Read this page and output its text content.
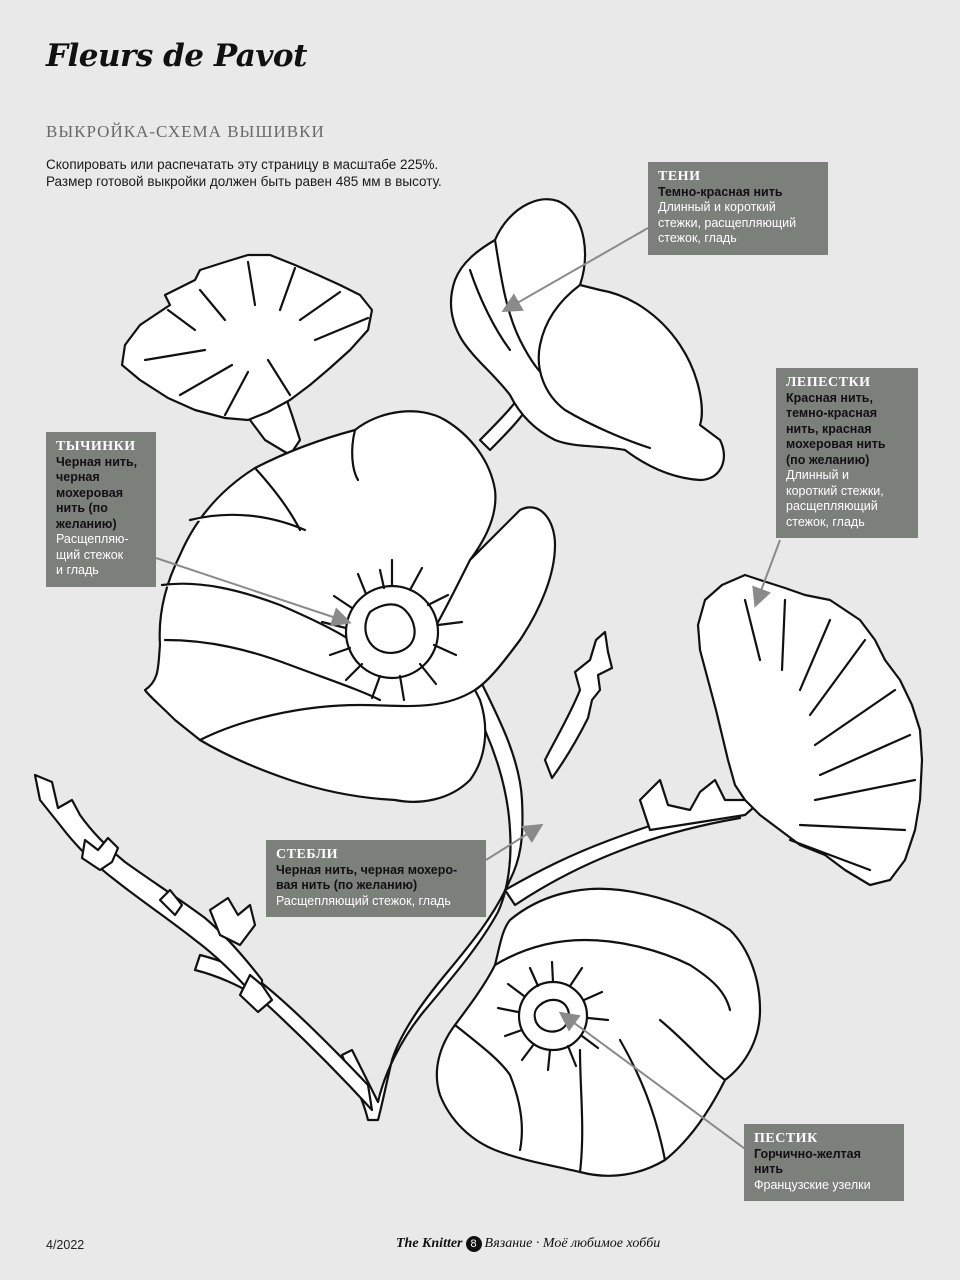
Fleurs de Pavot
ВЫКРОЙКА-СХЕМА ВЫШИВКИ
Скопировать или распечатать эту страницу в масштабе 225%.
Размер готовой выкройки должен быть равен 485 мм в высоту.	ТЕНИ
Темно-красная нить
Длинный и короткий
стежки, расщепляющий
стежок, гладь
ЛЕПЕСТКИ
Красная нить,
темно-красная
нить, красная
мохеровая нить
(по желанию)
Длинный и
короткий стежки,
расщепляющий
стежок, гладь
ТЫЧИНКИ
Черная нить,
черная
мохеровая
нить (по
желанию)
Расщепляю-
щий стежок
и гладь
СТЕБЛИ
Черная нить, черная мохеро-
вая нить (по желанию)
Расщепляющий стежок, гладь
ПЕСТИК
Горчично-желтая
нить
Французские узелки
4/2022	The Knitter 8 Вязание · Моё любимое хобби
